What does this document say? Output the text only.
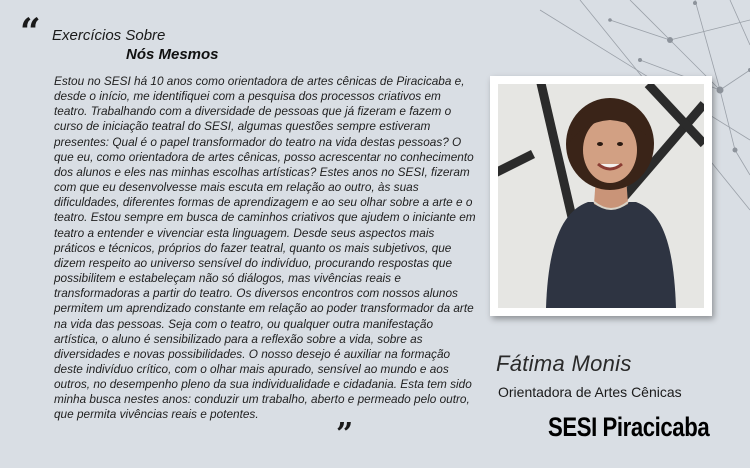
“ Exercícios Sobre
Nós Mesmos

Estou no SESI há 10 anos como orientadora de artes cênicas de Piracicaba e, desde o início, me identifiquei com a pesquisa dos processos criativos em teatro. Trabalhando com a diversidade de pessoas que já fizeram e fazem o curso de iniciação teatral do SESI, algumas questões sempre estiveram presentes: Qual é o papel transformador do teatro na vida destas pessoas? O que eu, como orientadora de artes cênicas, posso acrescentar no conhecimento dos alunos e eles nas minhas escolhas artísticas? Estes anos no SESI, fizeram com que eu desenvolvesse mais escuta em relação ao outro, às suas dificuldades, diferentes formas de aprendizagem e ao seu olhar sobre a arte e o teatro. Estou sempre em busca de caminhos criativos que ajudem o iniciante em teatro a entender e vivenciar esta linguagem. Desde seus aspectos mais práticos e técnicos, próprios do fazer teatral, quanto os mais subjetivos, que dizem respeito ao universo sensível do indivíduo, procurando respostas que possibilitem e estabeleçam não só diálogos, mas vivências reais e transformadoras a partir do teatro. Os diversos encontros com nossos alunos permitem um aprendizado constante em relação ao poder transformador da arte na vida das pessoas. Seja com o teatro, ou qualquer outra manifestação artística, o aluno é sensibilizado para a reflexão sobre a vida, sobre as diversidades e novas possibilidades. O nosso desejo é auxiliar na formação deste indivíduo crítico, com o olhar mais apurado, sensível ao mundo e aos outros, no desempenho pleno da sua individualidade e cidadania. Esta tem sido minha busca nestes anos: conduzir um trabalho, aberto e permeado pelo outro, que permita vivências reais e potentes.

”
Fátima Monis
Orientadora de Artes Cênicas
SESI Piracicaba
